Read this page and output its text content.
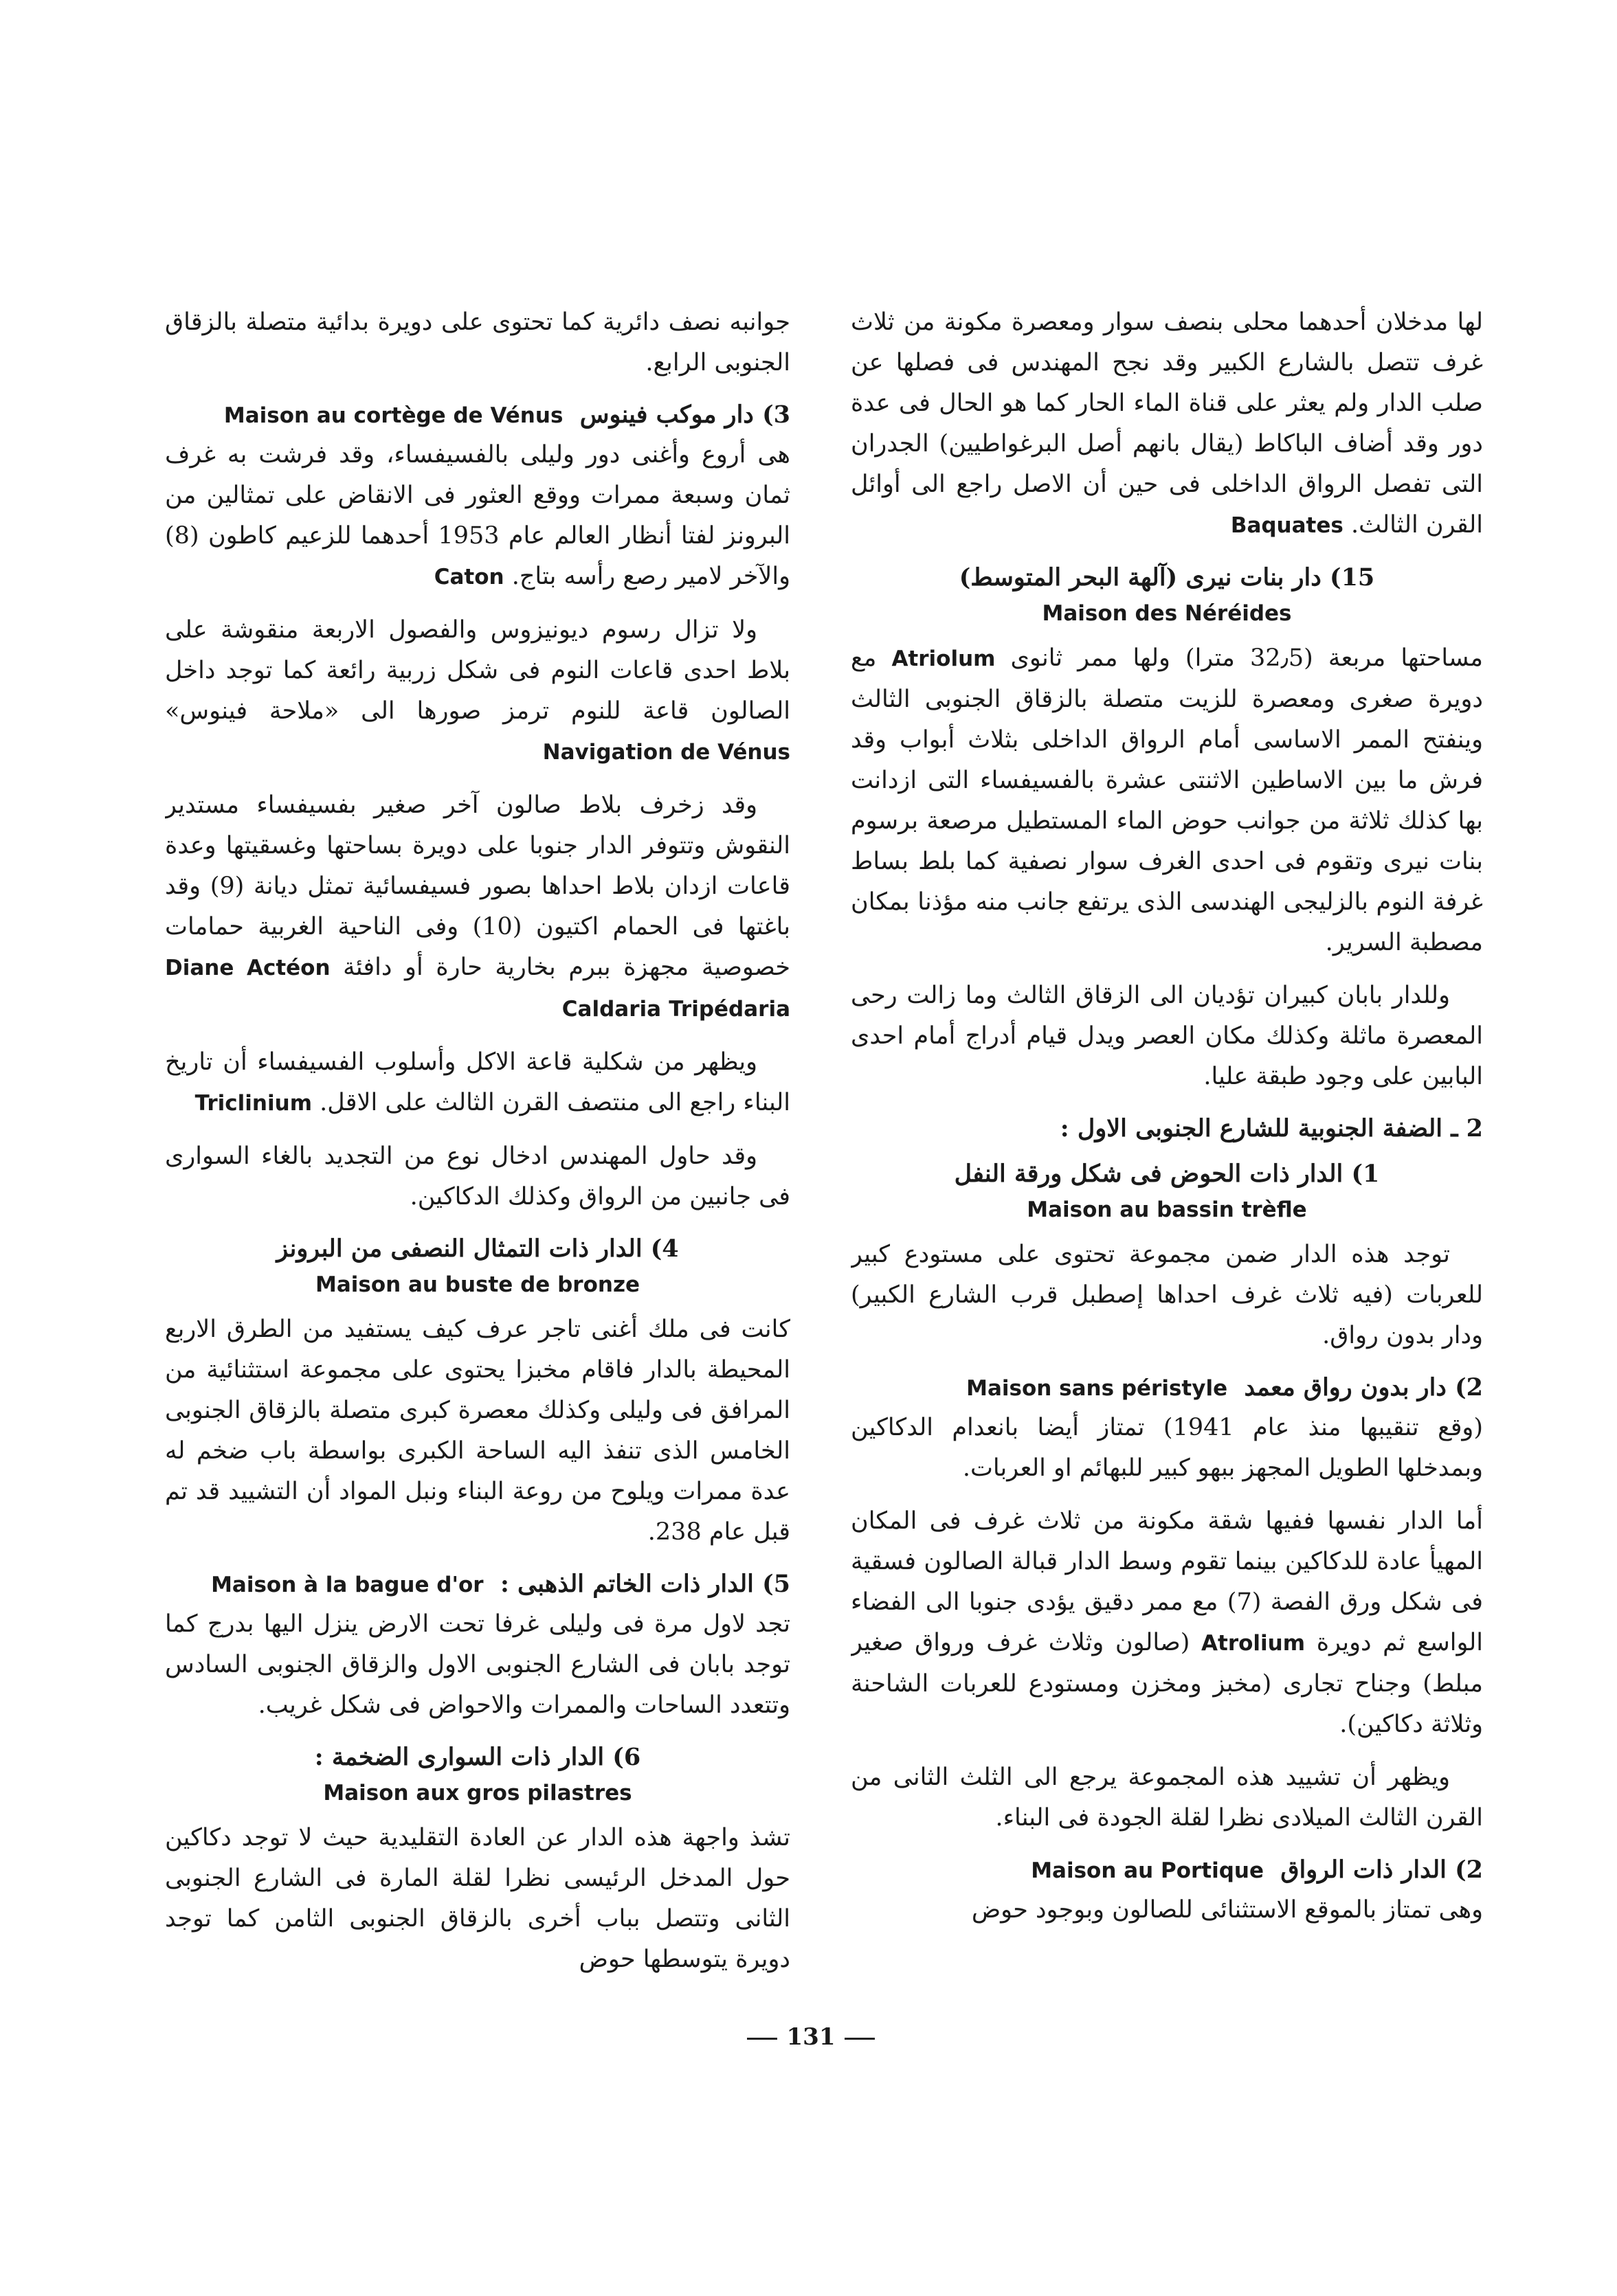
لها مدخلان أحدهما محلى بنصف سوار ومعصرة مكونة من ثلاث غرف تتصل بالشارع الكبير وقد نجح المهندس فى فصلها عن صلب الدار ولم يعثر على قناة الماء الحار كما هو الحال فى عدة دور وقد أضاف الباكاط (يقال بانهم أصل البرغواطيين) الجدران التى تفصل الرواق الداخلى فى حين أن الاصل راجع الى أوائل القرن الثالث. Baquates

15) دار بنات نيرى (آلهة البحر المتوسط)
Maison des Néréides

مساحتها مربعة (32٫5 مترا) ولها ممر ثانوى Atriolum مع دويرة صغرى ومعصرة للزيت متصلة بالزقاق الجنوبى الثالث وينفتح الممر الاساسى أمام الرواق الداخلى بثلاث أبواب وقد فرش ما بين الاساطين الاثنتى عشرة بالفسيفساء التى ازدانت بها كذلك ثلاثة من جوانب حوض الماء المستطيل مرصعة برسوم بنات نيرى وتقوم فى احدى الغرف سوار نصفية كما بلط بساط غرفة النوم بالزليجى الهندسى الذى يرتفع جانب منه مؤذنا بمكان مصطبة السرير.

وللدار بابان كبيران تؤديان الى الزقاق الثالث وما زالت رحى المعصرة ماثلة وكذلك مكان العصر ويدل قيام أدراج أمام احدى البابين على وجود طبقة عليا.

2 ـ الضفة الجنوبية للشارع الجنوبى الاول :
1) الدار ذات الحوض فى شكل ورقة النفل
Maison au bassin trèfle

توجد هذه الدار ضمن مجموعة تحتوى على مستودع كبير للعربات (فيه ثلاث غرف احداها إصطبل قرب الشارع الكبير) ودار بدون رواق.

2) دار بدون رواق معمد  Maison sans péristyle

(وقع تنقيبها منذ عام 1941) تمتاز أيضا بانعدام الدكاكين وبمدخلها الطويل المجهز ببهو كبير للبهائم او العربات.

أما الدار نفسها ففيها شقة مكونة من ثلاث غرف فى المكان المهيأ عادة للدكاكين بينما تقوم وسط الدار قبالة الصالون فسقية فى شكل ورق الفصة (7) مع ممر دقيق يؤدى جنوبا الى الفضاء الواسع ثم دويرة Atrolium (صالون وثلاث غرف ورواق صغير مبلط) وجناح تجارى (مخبز ومخزن ومستودع للعربات الشاحنة وثلاثة دكاكين).

ويظهر أن تشييد هذه المجموعة يرجع الى الثلث الثانى من القرن الثالث الميلادى نظرا لقلة الجودة فى البناء.

2) الدار ذات الرواق  Maison au Portique

وهى تمتاز بالموقع الاستثنائى للصالون وبوجود حوض

جوانبه نصف دائرية كما تحتوى على دويرة بدائية متصلة بالزقاق الجنوبى الرابع.

3) دار موكب فينوس  Maison au cortège de Vénus

هى أروع وأغنى دور وليلى بالفسيفساء، وقد فرشت به غرف ثمان وسبعة ممرات ووقع العثور فى الانقاض على تمثالين من البرونز لفتا أنظار العالم عام 1953 أحدهما للزعيم كاطون (8) والآخر لامير رصع رأسه بتاج. Caton

ولا تزال رسوم ديونيزوس والفصول الاربعة منقوشة على بلاط احدى قاعات النوم فى شكل زربية رائعة كما توجد داخل الصالون قاعة للنوم ترمز صورها الى «ملاحة فينوس» Navigation de Vénus

وقد زخرف بلاط صالون آخر صغير بفسيفساء مستدير النقوش وتتوفر الدار جنوبا على دويرة بساحتها وغسقيتها وعدة قاعات ازدان بلاط احداها بصور فسيفسائية تمثل ديانة (9) وقد باغتها فى الحمام اكتيون (10) وفى الناحية الغربية حمامات خصوصية مجهزة ببرم بخارية حارة أو دافئة Diane Actéon Caldaria Tripédaria

ويظهر من شكلية قاعة الاكل وأسلوب الفسيفساء أن تاريخ البناء راجع الى منتصف القرن الثالث على الاقل. Triclinium

وقد حاول المهندس ادخال نوع من التجديد بالغاء السوارى فى جانبين من الرواق وكذلك الدكاكين.

4) الدار ذات التمثال النصفى من البرونز
Maison au buste de bronze

كانت فى ملك أغنى تاجر عرف كيف يستفيد من الطرق الاربع المحيطة بالدار فاقام مخبزا يحتوى على مجموعة استثنائية من المرافق فى وليلى وكذلك معصرة كبرى متصلة بالزقاق الجنوبى الخامس الذى تنفذ اليه الساحة الكبرى بواسطة باب ضخم له عدة ممرات ويلوح من روعة البناء ونبل المواد أن التشييد قد تم قبل عام 238.

5) الدار ذات الخاتم الذهبى :  Maison à la bague d'or

تجد لاول مرة فى وليلى غرفا تحت الارض ينزل اليها بدرج كما توجد بابان فى الشارع الجنوبى الاول والزقاق الجنوبى السادس وتتعدد الساحات والممرات والاحواض فى شكل غريب.

6) الدار ذات السوارى الضخمة :
Maison aux gros pilastres

تشذ واجهة هذه الدار عن العادة التقليدية حيث لا توجد دكاكين حول المدخل الرئيسى نظرا لقلة المارة فى الشارع الجنوبى الثانى وتتصل بباب أخرى بالزقاق الجنوبى الثامن كما توجد دويرة يتوسطها حوض

131
